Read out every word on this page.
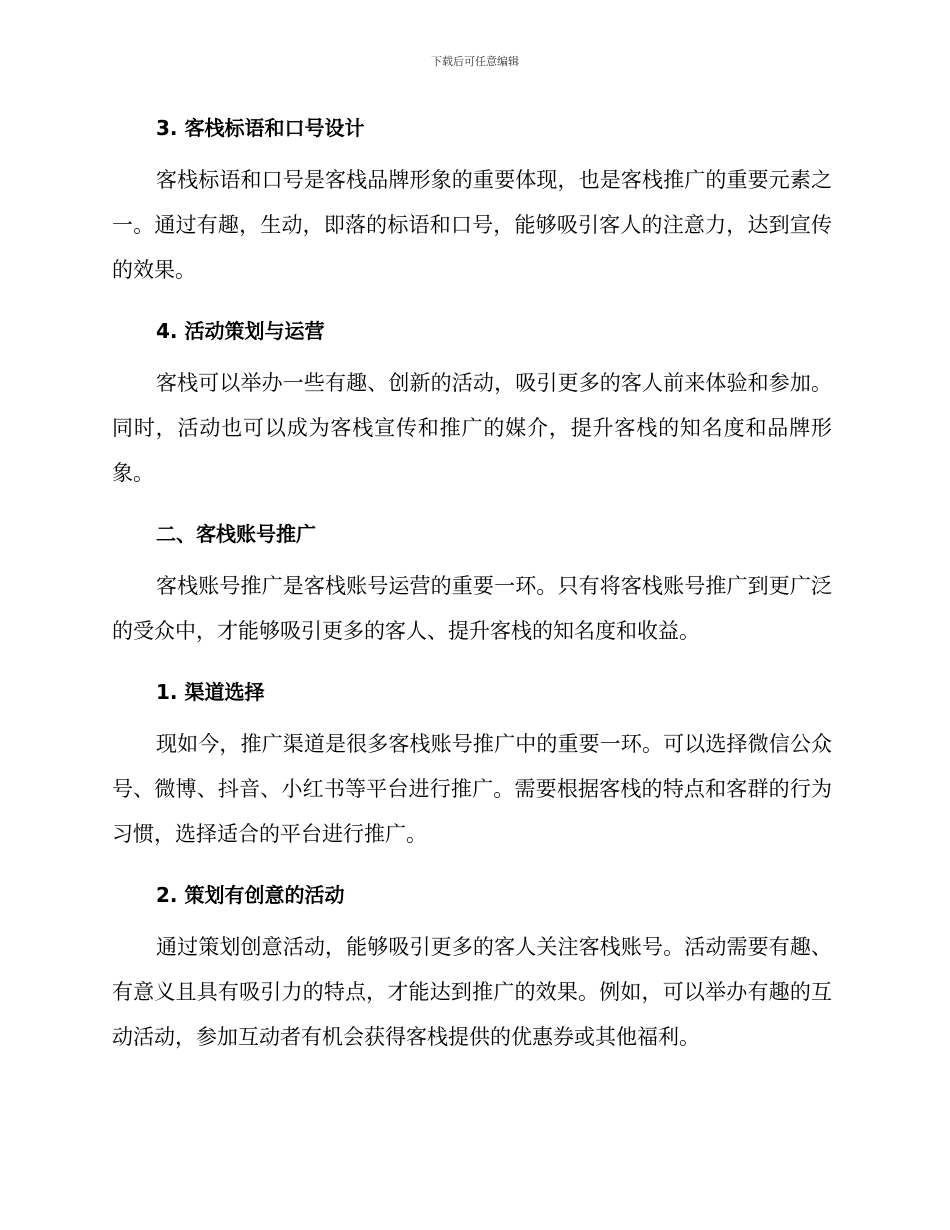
下载后可任意编辑
3. 客栈标语和口号设计

客栈标语和口号是客栈品牌形象的重要体现，也是客栈推广的重要元素之一。通过有趣，生动，即落的标语和口号，能够吸引客人的注意力，达到宣传的效果。

4. 活动策划与运营

客栈可以举办一些有趣、创新的活动，吸引更多的客人前来体验和参加。同时，活动也可以成为客栈宣传和推广的媒介，提升客栈的知名度和品牌形象。

二、客栈账号推广

客栈账号推广是客栈账号运营的重要一环。只有将客栈账号推广到更广泛的受众中，才能够吸引更多的客人、提升客栈的知名度和收益。

1. 渠道选择

现如今，推广渠道是很多客栈账号推广中的重要一环。可以选择微信公众号、微博、抖音、小红书等平台进行推广。需要根据客栈的特点和客群的行为习惯，选择适合的平台进行推广。

2. 策划有创意的活动

通过策划创意活动，能够吸引更多的客人关注客栈账号。活动需要有趣、有意义且具有吸引力的特点，才能达到推广的效果。例如，可以举办有趣的互动活动，参加互动者有机会获得客栈提供的优惠券或其他福利。
